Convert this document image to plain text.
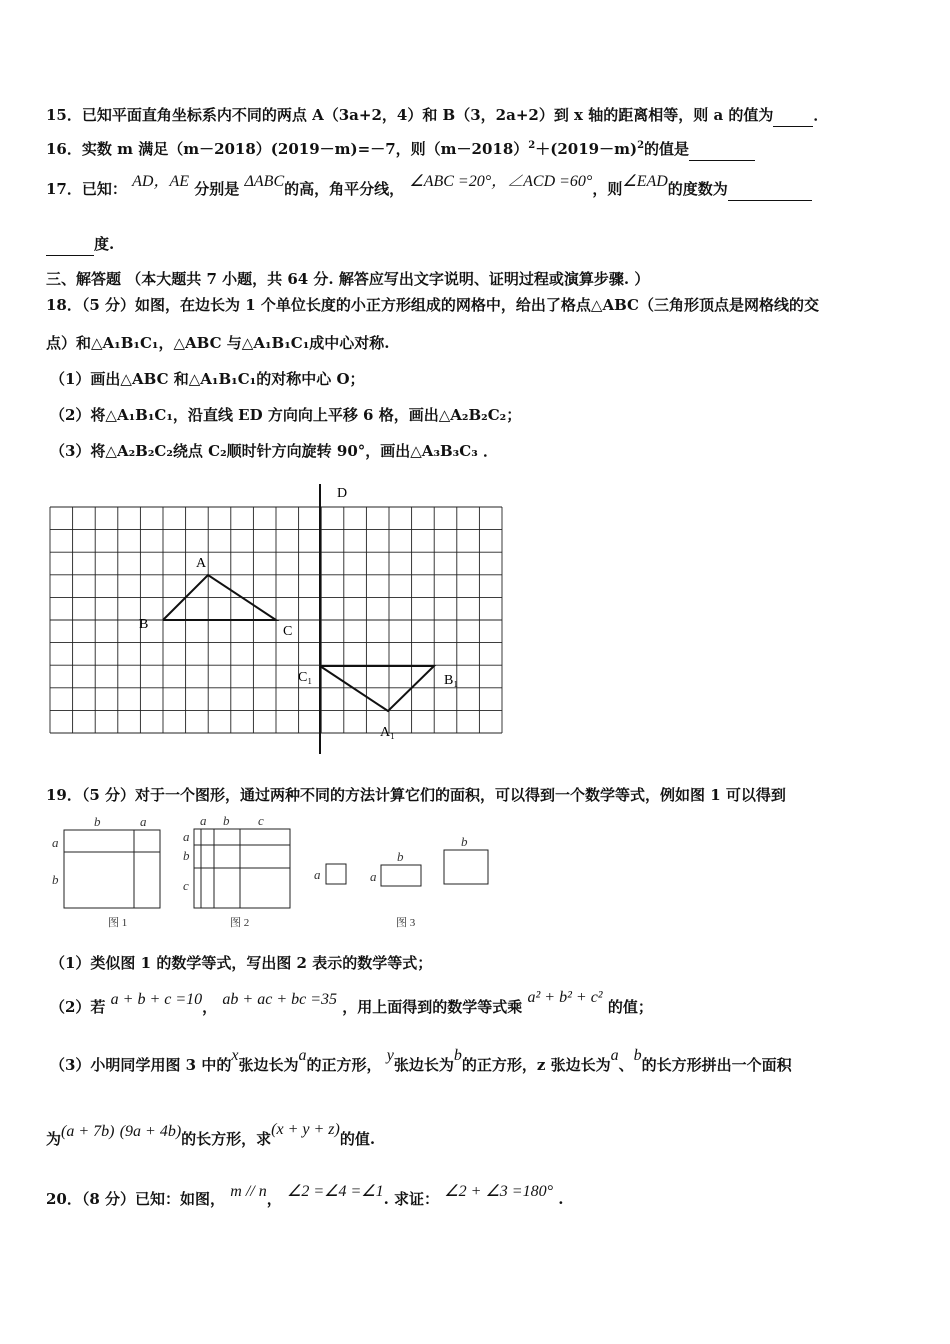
15．已知平面直角坐标系内不同的两点 A（3a+2，4）和 B（3，2a+2）到 x 轴的距离相等，则 a 的值为	．
16．实数 m 满足（m－2018）(2019－m)=－7，则$(m-2018)^2+(2019-m)^2$的值是
17．已知： AD，AE 分别是 ΔABC的高，角平分线， ∠ABC =20°，∠ACD =60°，则∠EAD的度数为
度.
三、解答题 （本大题共 7 小题，共 64 分. 解答应写出文字说明、证明过程或演算步骤. ）
18．（5 分）如图，在边长为 1 个单位长度的小正方形组成的网格中，给出了格点△ABC（三角形顶点是网格线的交
点）和△A₁B₁C₁，△ABC 与△A₁B₁C₁成中心对称.
（1）画出△ABC 和△A₁B₁C₁的对称中心 O；
（2）将△A₁B₁C₁，沿直线 ED 方向向上平移 6 格，画出△A₂B₂C₂；
（3）将△A₂B₂C₂绕点 C₂顺时针方向旋转 90°，画出△A₃B₃C₃ ．
D
A
B	C
C₁	B₁
A₁
19．（5 分）对于一个图形，通过两种不同的方法计算它们的面积，可以得到一个数学等式，例如图 1 可以得到
b	a
a
b
图 1
a b c
a
b
c
图 2
a	a
b
b
图 3
（1）类似图 1 的数学等式，写出图 2 表示的数学等式；
（2）若 a + b + c =10， ab + ac + bc =35 ，用上面得到的数学等式乘 a² + b² + c² 的值；
（3）小明同学用图 3 中的x张边长为a的正方形， y张边长为b的正方形，z 张边长为a、b的长方形拼出一个面积
为(a + 7b) (9a + 4b)的长方形，求(x + y + z)的值.
20．（8 分）已知：如图， m // n， ∠2 =∠4 =∠1. 求证： ∠2 + ∠3 =180° .
